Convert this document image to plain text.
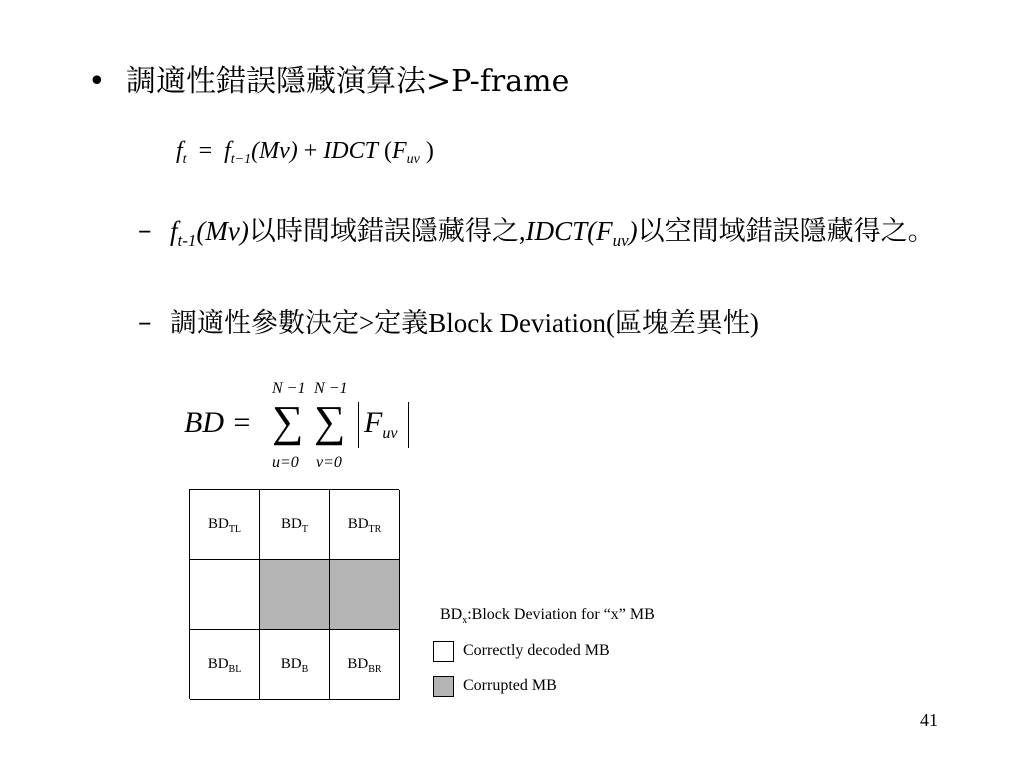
• 調適性錯誤隱藏演算法>P-frame
$f_t = f_{t-1}(Mv)$ + IDCT ($F_{uv}$ )
– $f_{t-1}(Mv)$以時間域錯誤隱藏得之$,IDCT(F_{uv})$以空間域錯誤隱藏得之。
– 調適性參數決定>定義Block Deviation(區塊差異性)
BD =
N −1 N −1
∑ ∑
u=0 v=0
$F_{uv}$
$BD_{TL}$	$BD_T$	$BD_{TR}$
$BD_{BL}$	$BD_B$	$BD_{BR}$
$BD_x:Block$ Deviation for “x” MB
Correctly decoded MB
Corrupted MB
41
